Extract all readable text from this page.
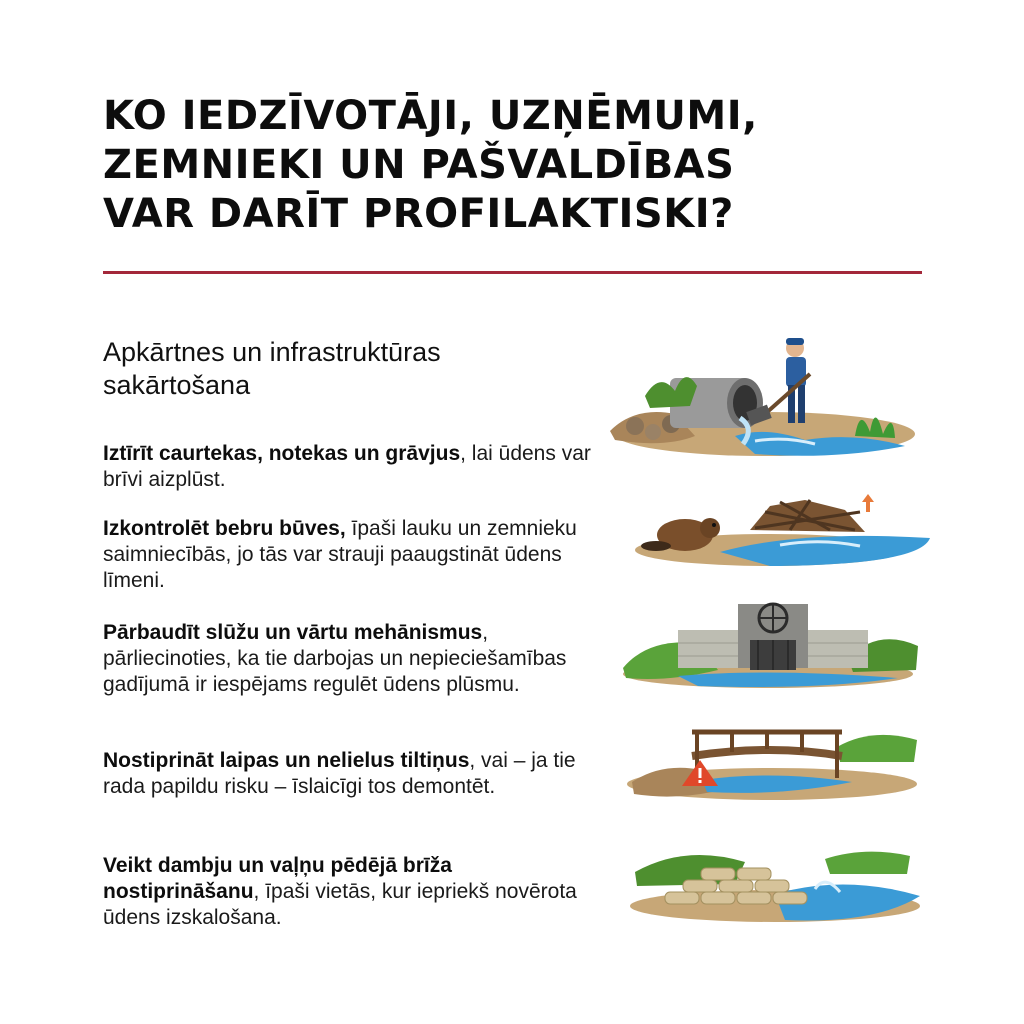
KO IEDZĪVOTĀJI, UZŅĒMUMI,
ZEMNIEKI UN PAŠVALDĪBAS
VAR DARĪT PROFILAKTISKI?
Apkārtnes un infrastruktūras
sakārtošana
Iztīrīt caurtekas, notekas un grāvjus, lai ūdens var brīvi aizplūst.
Izkontrolēt bebru būves, īpaši lauku un zemnieku saimniecībās, jo tās var strauji paaugstināt ūdens līmeni.
Pārbaudīt slūžu un vārtu mehānismus, pārliecinoties, ka tie darbojas un nepieciešamības gadījumā ir iespējams regulēt ūdens plūsmu.
Nostiprināt laipas un nelielus tiltiņus, vai – ja tie rada papildu risku – īslaicīgi tos demontēt.
Veikt dambju un vaļņu pēdējā brīža nostiprināšanu, īpaši vietās, kur iepriekš novērota ūdens izskalošana.
